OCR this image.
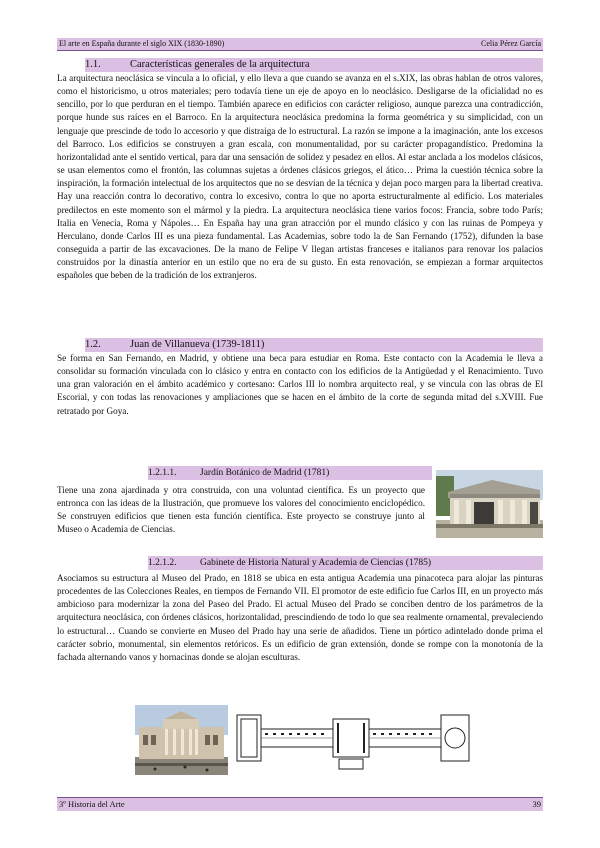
El arte en España durante el siglo XIX (1830-1890)	Celia Pérez García
1.1.	Características generales de la arquitectura

La arquitectura neoclásica se vincula a lo oficial, y ello lleva a que cuando se avanza en el s.XIX, las obras hablan de otros valores, como el historicismo, u otros materiales; pero todavía tiene un eje de apoyo en lo neoclásico. Desligarse de la oficialidad no es sencillo, por lo que perduran en el tiempo. También aparece en edificios con carácter religioso, aunque parezca una contradicción, porque hunde sus raíces en el Barroco. En la arquitectura neoclásica predomina la forma geométrica y su simplicidad, con un lenguaje que prescinde de todo lo accesorio y que distraiga de lo estructural. La razón se impone a la imaginación, ante los excesos del Barroco. Los edificios se construyen a gran escala, con monumentalidad, por su carácter propagandístico. Predomina la horizontalidad ante el sentido vertical, para dar una sensación de solidez y pesadez en ellos. Al estar anclada a los modelos clásicos, se usan elementos como el frontón, las columnas sujetas a órdenes clásicos griegos, el ático… Prima la cuestión técnica sobre la inspiración, la formación intelectual de los arquitectos que no se desvían de la técnica y dejan poco margen para la libertad creativa. Hay una reacción contra lo decorativo, contra lo excesivo, contra lo que no aporta estructuralmente al edificio. Los materiales predilectos en este momento son el mármol y la piedra. La arquitectura neoclásica tiene varios focos: Francia, sobre todo París; Italia en Venecia, Roma y Nápoles… En España hay una gran atracción por el mundo clásico y con las ruinas de Pompeya y Herculano, donde Carlos III es una pieza fundamental. Las Academias, sobre todo la de San Fernando (1752), difunden la base conseguida a partir de las excavaciones. De la mano de Felipe V llegan artistas franceses e italianos para renovar los palacios construidos por la dinastía anterior en un estilo que no era de su gusto. En esta renovación, se empiezan a formar arquitectos españoles que beben de la tradición de los extranjeros.

1.2.	Juan de Villanueva (1739-1811)

Se forma en San Fernando, en Madrid, y obtiene una beca para estudiar en Roma. Este contacto con la Academia le lleva a consolidar su formación vinculada con lo clásico y entra en contacto con los edificios de la Antigüedad y el Renacimiento. Tuvo una gran valoración en el ámbito académico y cortesano: Carlos III lo nombra arquitecto real, y se vincula con las obras de El Escorial, y con todas las renovaciones y ampliaciones que se hacen en el ámbito de la corte de segunda mitad del s.XVIII. Fue retratado por Goya.

1.2.1.1. Jardín Botánico de Madrid (1781)

Tiene una zona ajardinada y otra construida, con una voluntad científica. Es un proyecto que entronca con las ideas de la Ilustración, que promueve los valores del conocimiento enciclopédico. Se construyen edificios que tienen esta función científica. Este proyecto se construye junto al Museo o Academia de Ciencias.

1.2.1.2. Gabinete de Historia Natural y Academia de Ciencias (1785)

Asociamos su estructura al Museo del Prado, en 1818 se ubica en esta antigua Academia una pinacoteca para alojar las pinturas procedentes de las Colecciones Reales, en tiempos de Fernando VII. El promotor de este edificio fue Carlos III, en un proyecto más ambicioso para modernizar la zona del Paseo del Prado. El actual Museo del Prado se conciben dentro de los parámetros de la arquitectura neoclásica, con órdenes clásicos, horizontalidad, prescindiendo de todo lo que sea realmente ornamental, prevaleciendo lo estructural… Cuando se convierte en Museo del Prado hay una serie de añadidos. Tiene un pórtico adintelado donde prima el carácter sobrio, monumental, sin elementos retóricos. Es un edificio de gran extensión, donde se rompe con la monotonía de la fachada alternando vanos y hornacinas donde se alojan esculturas.

3º Historia del Arte	39
